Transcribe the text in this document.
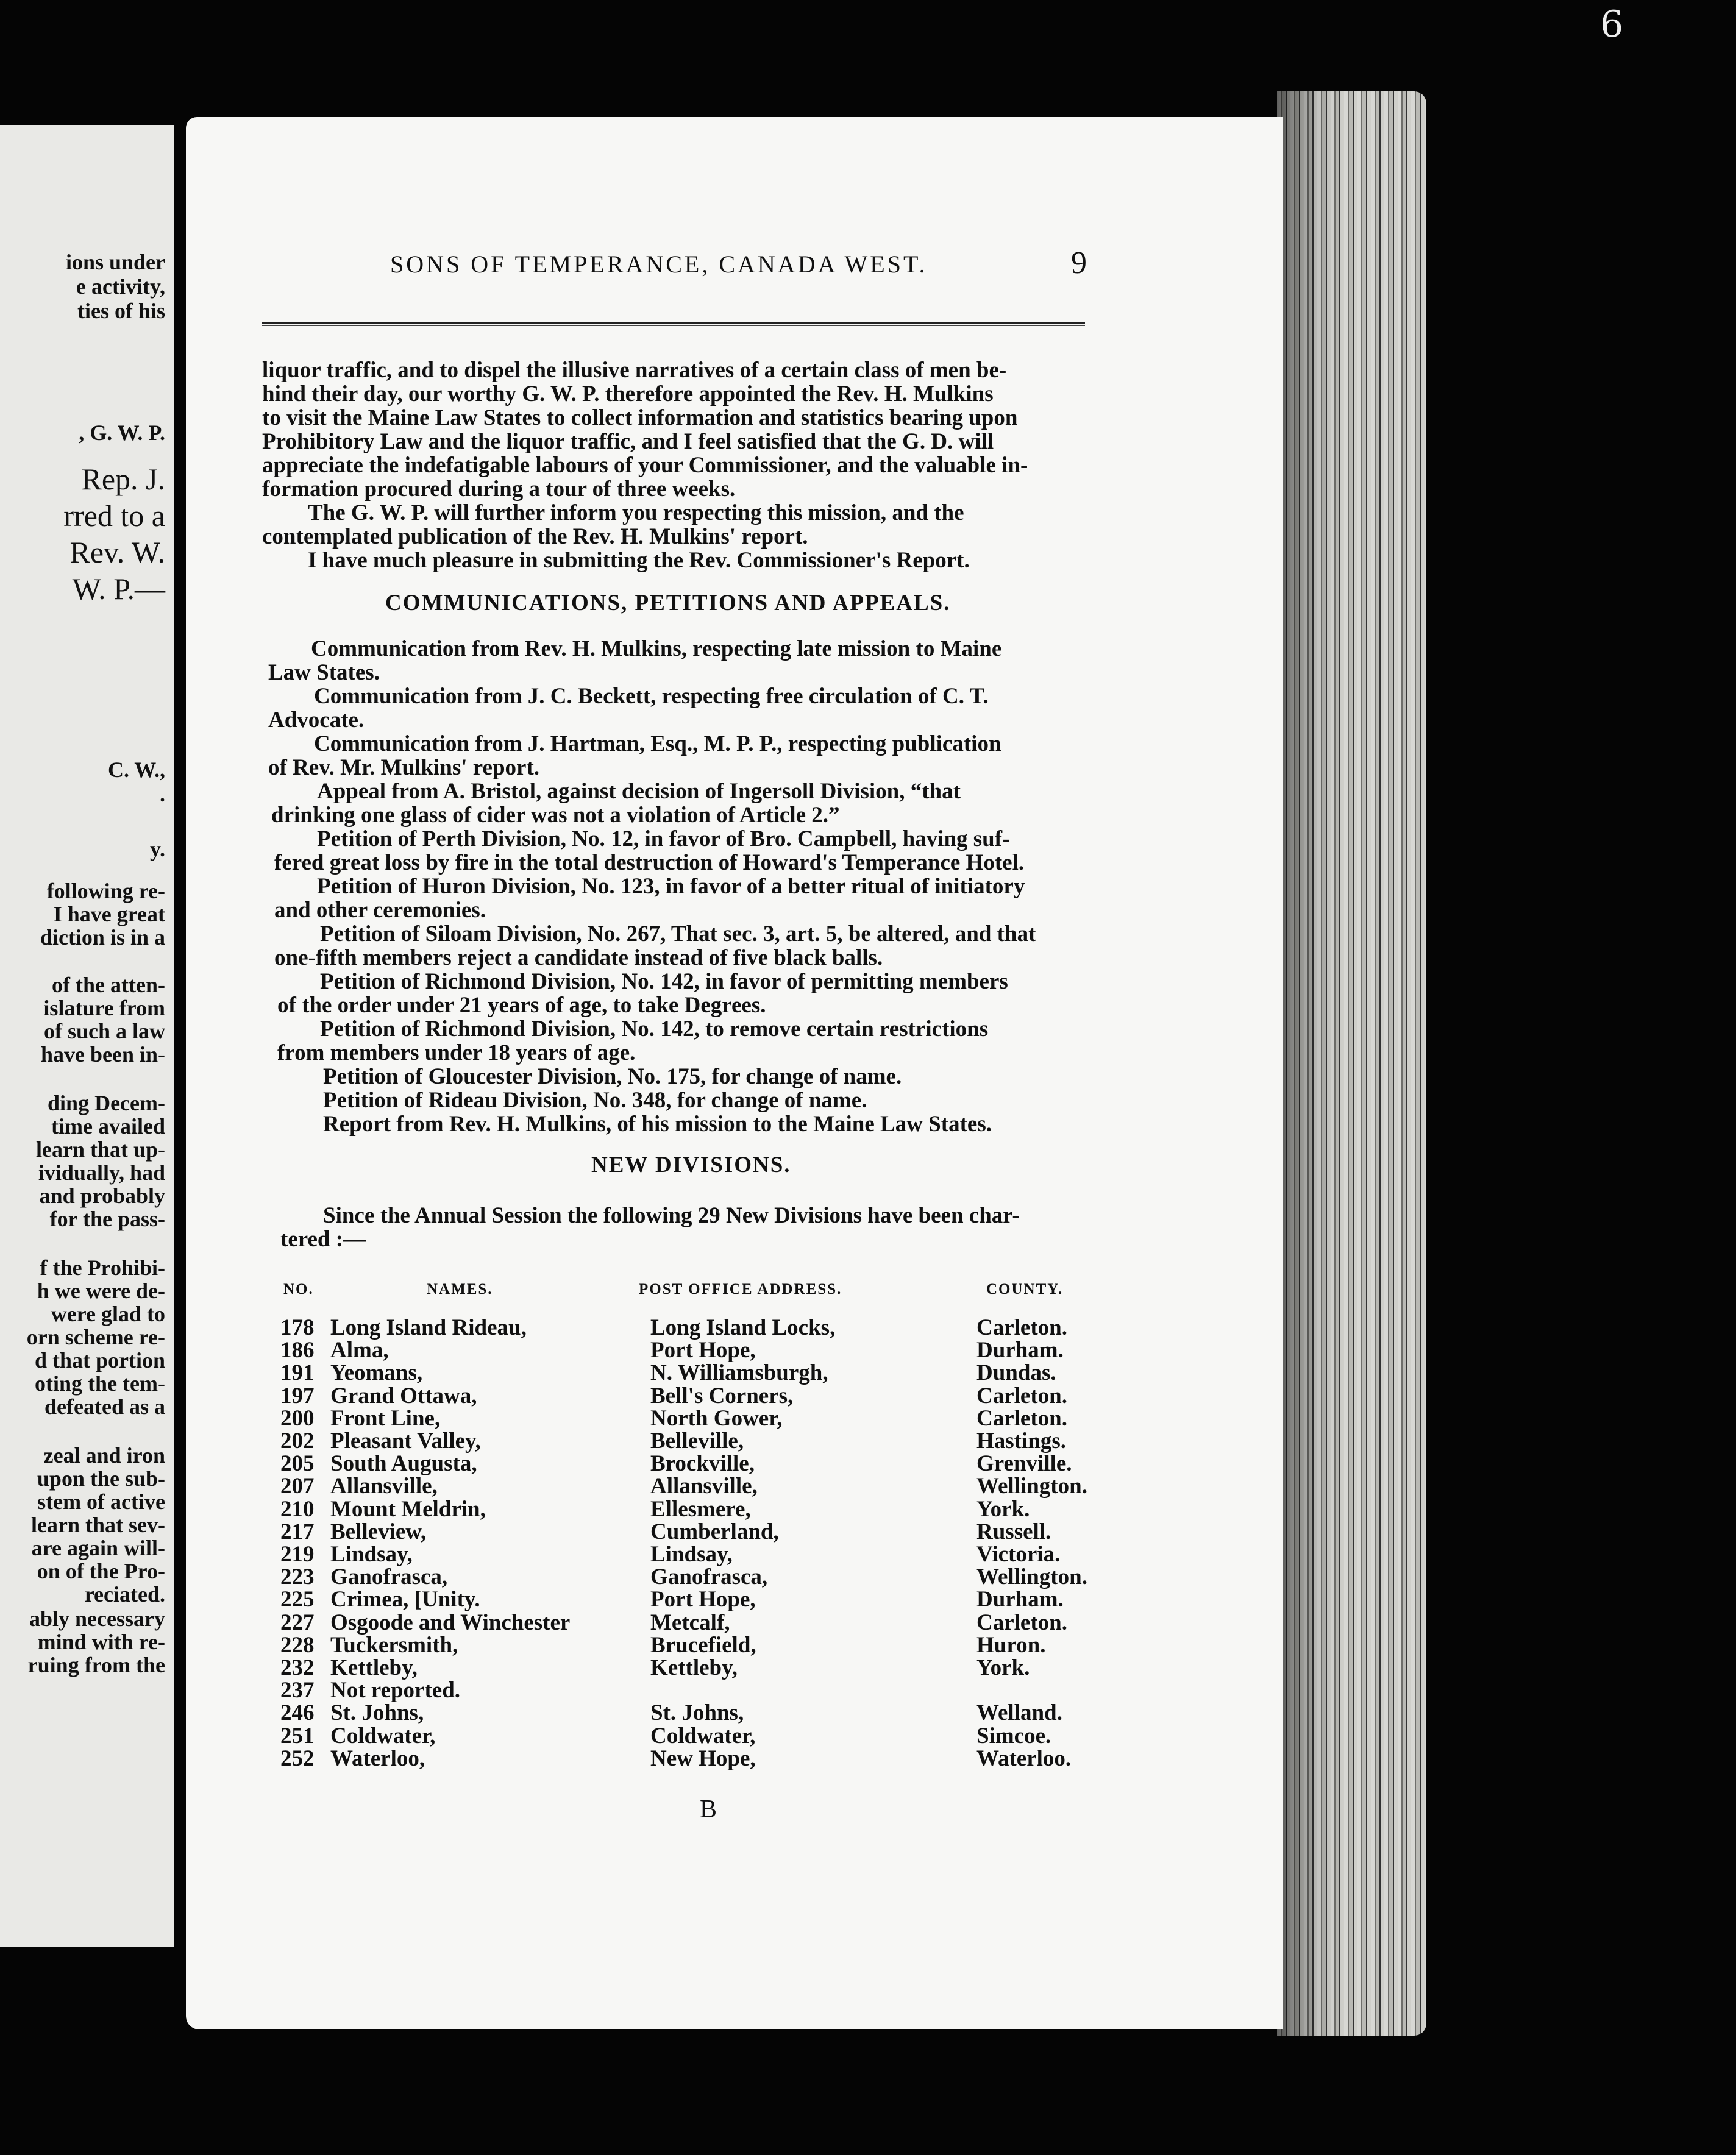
6
SONS OF TEMPERANCE, CANADA WEST.	9
liquor traffic, and to dispel the illusive narratives of a certain class of men be-
hind their day, our worthy G. W. P. therefore appointed the Rev. H. Mulkins
to visit the Maine Law States to collect information and statistics bearing upon
Prohibitory Law and the liquor traffic, and I feel satisfied that the G. D. will
appreciate the indefatigable labours of your Commissioner, and the valuable in-
formation procured during a tour of three weeks.
The G. W. P. will further inform you respecting this mission, and the
contemplated publication of the Rev. H. Mulkins' report.
I have much pleasure in submitting the Rev. Commissioner's Report.
COMMUNICATIONS, PETITIONS AND APPEALS.
Communication from Rev. H. Mulkins, respecting late mission to Maine
Law States.
Communication from J. C. Beckett, respecting free circulation of C. T.
Advocate.
Communication from J. Hartman, Esq., M. P. P., respecting publication
of Rev. Mr. Mulkins' report.
Appeal from A. Bristol, against decision of Ingersoll Division, “that
drinking one glass of cider was not a violation of Article 2.”
Petition of Perth Division, No. 12, in favor of Bro. Campbell, having suf-
fered great loss by fire in the total destruction of Howard's Temperance Hotel.
Petition of Huron Division, No. 123, in favor of a better ritual of initiatory
and other ceremonies.
Petition of Siloam Division, No. 267, That sec. 3, art. 5, be altered, and that
one-fifth members reject a candidate instead of five black balls.
Petition of Richmond Division, No. 142, in favor of permitting members
of the order under 21 years of age, to take Degrees.
Petition of Richmond Division, No. 142, to remove certain restrictions
from members under 18 years of age.
Petition of Gloucester Division, No. 175, for change of name.
Petition of Rideau Division, No. 348, for change of name.
Report from Rev. H. Mulkins, of his mission to the Maine Law States.
NEW DIVISIONS.
Since the Annual Session the following 29 New Divisions have been char-
tered :—
NO.	NAMES.	POST OFFICE ADDRESS.	COUNTY.
178 Long Island Rideau,	Long Island Locks,	Carleton.
186 Alma,	Port Hope,	Durham.
191 Yeomans,	N. Williamsburgh,	Dundas.
197 Grand Ottawa,	Bell's Corners,	Carleton.
200 Front Line,	North Gower,	Carleton.
202 Pleasant Valley,	Belleville,	Hastings.
205 South Augusta,	Brockville,	Grenville.
207 Allansville,	Allansville,	Wellington.
210 Mount Meldrin,	Ellesmere,	York.
217 Belleview,	Cumberland,	Russell.
219 Lindsay,	Lindsay,	Victoria.
223 Ganofrasca,	Ganofrasca,	Wellington.
225 Crimea, [Unity.	Port Hope,	Durham.
227 Osgoode and Winchester	Metcalf,	Carleton.
228 Tuckersmith,	Brucefield,	Huron.
232 Kettleby,	Kettleby,	York.
237 Not reported.
246 St. Johns,	St. Johns,	Welland.
251 Coldwater,	Coldwater,	Simcoe.
252 Waterloo,	New Hope,	Waterloo.
B
ions under
e activity,
ties of his
, G. W. P.
Rep. J.
rred to a
Rev. W.
W. P.—
C. W.,
.
y.
following re-
I have great
diction is in a
of the atten-
islature from
of such a law
have been in-
ding Decem-
time availed
learn that up-
ividually, had
and probably
for the pass-
f the Prohibi-
h we were de-
were glad to
orn scheme re-
d that portion
oting the tem-
defeated as a
zeal and iron
upon the sub-
stem of active
learn that sev-
are again will-
on of the Pro-
reciated.
ably necessary
mind with re-
ruing from the
